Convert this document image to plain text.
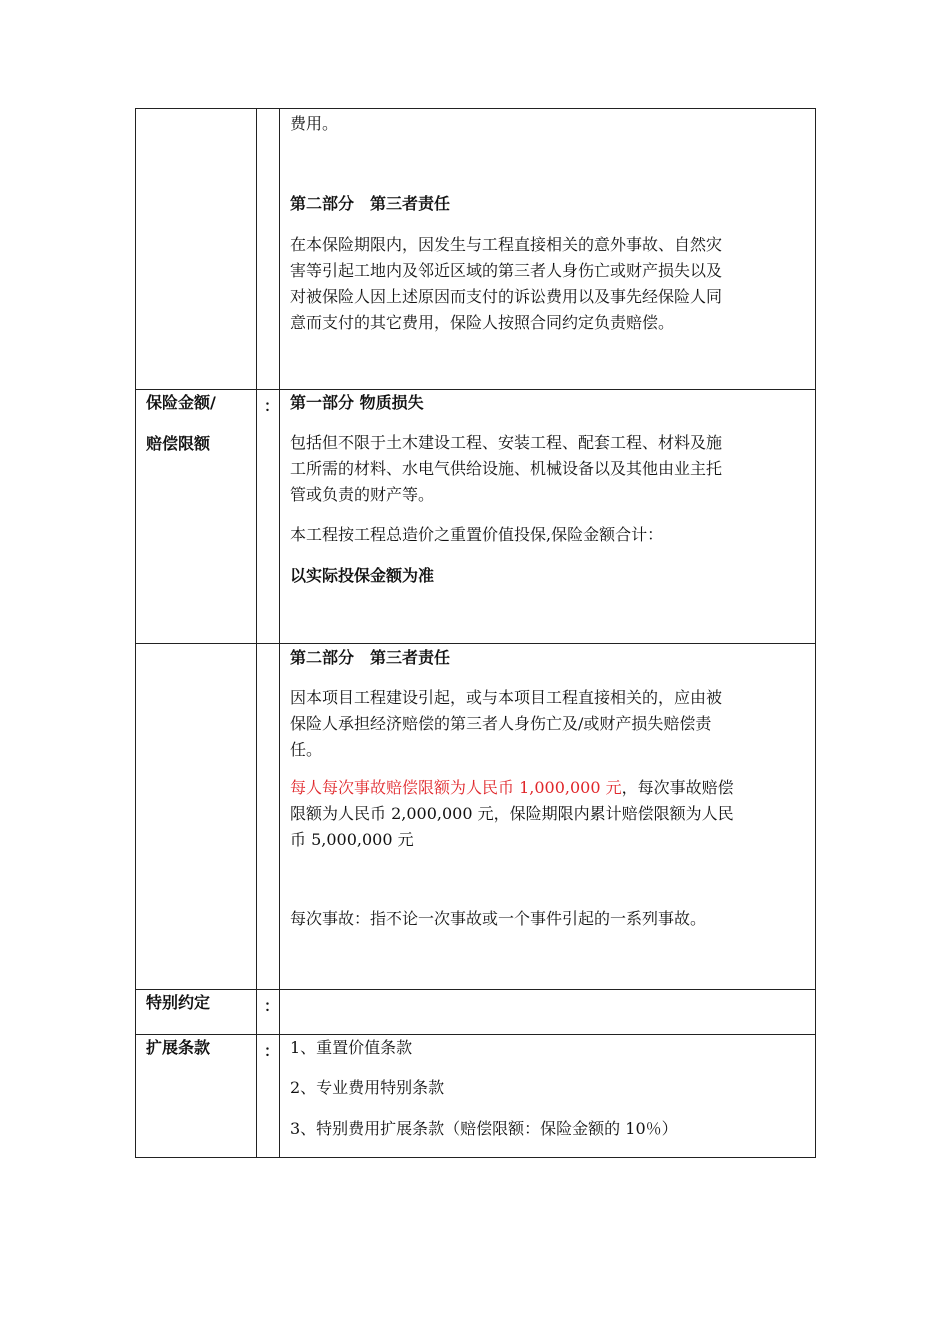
费用。
第二部分　第三者责任
在本保险期限内，因发生与工程直接相关的意外事故、自然灾
害等引起工地内及邻近区域的第三者人身伤亡或财产损失以及
对被保险人因上述原因而支付的诉讼费用以及事先经保险人同
意而支付的其它费用，保险人按照合同约定负责赔偿。
保险金额/
赔偿限额
： 第一部分 物质损失
包括但不限于土木建设工程、安装工程、配套工程、材料及施
工所需的材料、水电气供给设施、机械设备以及其他由业主托
管或负责的财产等。
本工程按工程总造价之重置价值投保,保险金额合计：
以实际投保金额为准
第二部分　第三者责任
因本项目工程建设引起，或与本项目工程直接相关的，应由被
保险人承担经济赔偿的第三者人身伤亡及/或财产损失赔偿责
任。
每人每次事故赔偿限额为人民币 1,000,000 元，每次事故赔偿
限额为人民币 2,000,000 元，保险期限内累计赔偿限额为人民
币 5,000,000 元
每次事故：指不论一次事故或一个事件引起的一系列事故。
特别约定	：
扩展条款	： 1、重置价值条款
2、专业费用特别条款
3、特别费用扩展条款（赔偿限额：保险金额的 10％）
